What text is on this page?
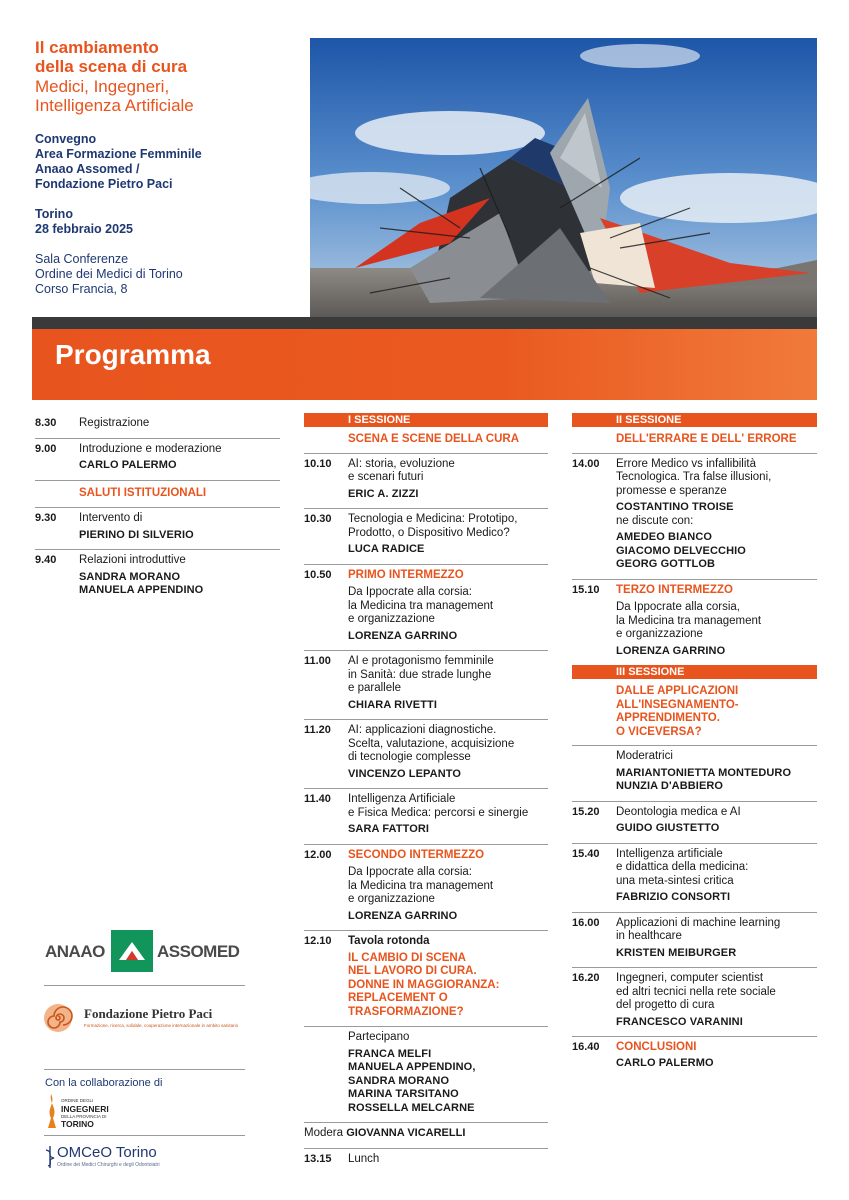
Il cambiamento
della scena di cura
Medici, Ingegneri,
Intelligenza Artificiale
Convegno
Area Formazione Femminile
Anaao Assomed /
Fondazione Pietro Paci
Torino
28 febbraio 2025
Sala Conferenze
Ordine dei Medici di Torino
Corso Francia, 8
Programma
8.30 Registrazione
9.00 Introduzione e moderazione
CARLO PALERMO
SALUTI ISTITUZIONALI
9.30 Intervento di
PIERINO DI SILVERIO
9.40 Relazioni introduttive
SANDRA MORANO
MANUELA APPENDINO
ANAAO	ASSOMED
Fondazione Pietro Paci
Formazione, ricerca, solidale, cooperazione internazionale in ambito sanitario
Con la collaborazione di
ORDINE DEGLI
INGEGNERI
DELLA PROVINCIA DI
TORINO
OMCeO Torino
Ordine dei Medici Chirurghi e degli Odontoiatri
I SESSIONE
SCENA E SCENE DELLA CURA
10.10 AI: storia, evoluzione
e scenari futuri
ERIC A. ZIZZI
10.30 Tecnologia e Medicina: Prototipo,
Prodotto, o Dispositivo Medico?
LUCA RADICE
10.50 PRIMO INTERMEZZO
Da Ippocrate alla corsia:
la Medicina tra management
e organizzazione
LORENZA GARRINO
11.00 AI e protagonismo femminile
in Sanità: due strade lunghe
e parallele
CHIARA RIVETTI
11.20 AI: applicazioni diagnostiche.
Scelta, valutazione, acquisizione
di tecnologie complesse
VINCENZO LEPANTO
11.40 Intelligenza Artificiale
e Fisica Medica: percorsi e sinergie
SARA FATTORI
12.00 SECONDO INTERMEZZO
Da Ippocrate alla corsia:
la Medicina tra management
e organizzazione
LORENZA GARRINO
12.10 Tavola rotonda
IL CAMBIO DI SCENA
NEL LAVORO DI CURA.
DONNE IN MAGGIORANZA:
REPLACEMENT O
TRASFORMAZIONE?
Partecipano
FRANCA MELFI
MANUELA APPENDINO,
SANDRA MORANO
MARINA TARSITANO
ROSSELLA MELCARNE
Modera GIOVANNA VICARELLI
13.15 Lunch
II SESSIONE
DELL'ERRARE E DELL' ERRORE
14.00 Errore Medico vs infallibilità
Tecnologica. Tra false illusioni,
promesse e speranze
COSTANTINO TROISE
ne discute con:
AMEDEO BIANCO
GIACOMO DELVECCHIO
GEORG GOTTLOB
15.10 TERZO INTERMEZZO
Da Ippocrate alla corsia,
la Medicina tra management
e organizzazione
LORENZA GARRINO
III SESSIONE
DALLE APPLICAZIONI
ALL'INSEGNAMENTO-
APPRENDIMENTO.
O VICEVERSA?
Moderatrici
MARIANTONIETTA MONTEDURO
NUNZIA D'ABBIERO
15.20 Deontologia medica e AI
GUIDO GIUSTETTO
15.40 Intelligenza artificiale
e didattica della medicina:
una meta-sintesi critica
FABRIZIO CONSORTI
16.00 Applicazioni di machine learning
in healthcare
KRISTEN MEIBURGER
16.20 Ingegneri, computer scientist
ed altri tecnici nella rete sociale
del progetto di cura
FRANCESCO VARANINI
16.40 CONCLUSIONI
CARLO PALERMO
